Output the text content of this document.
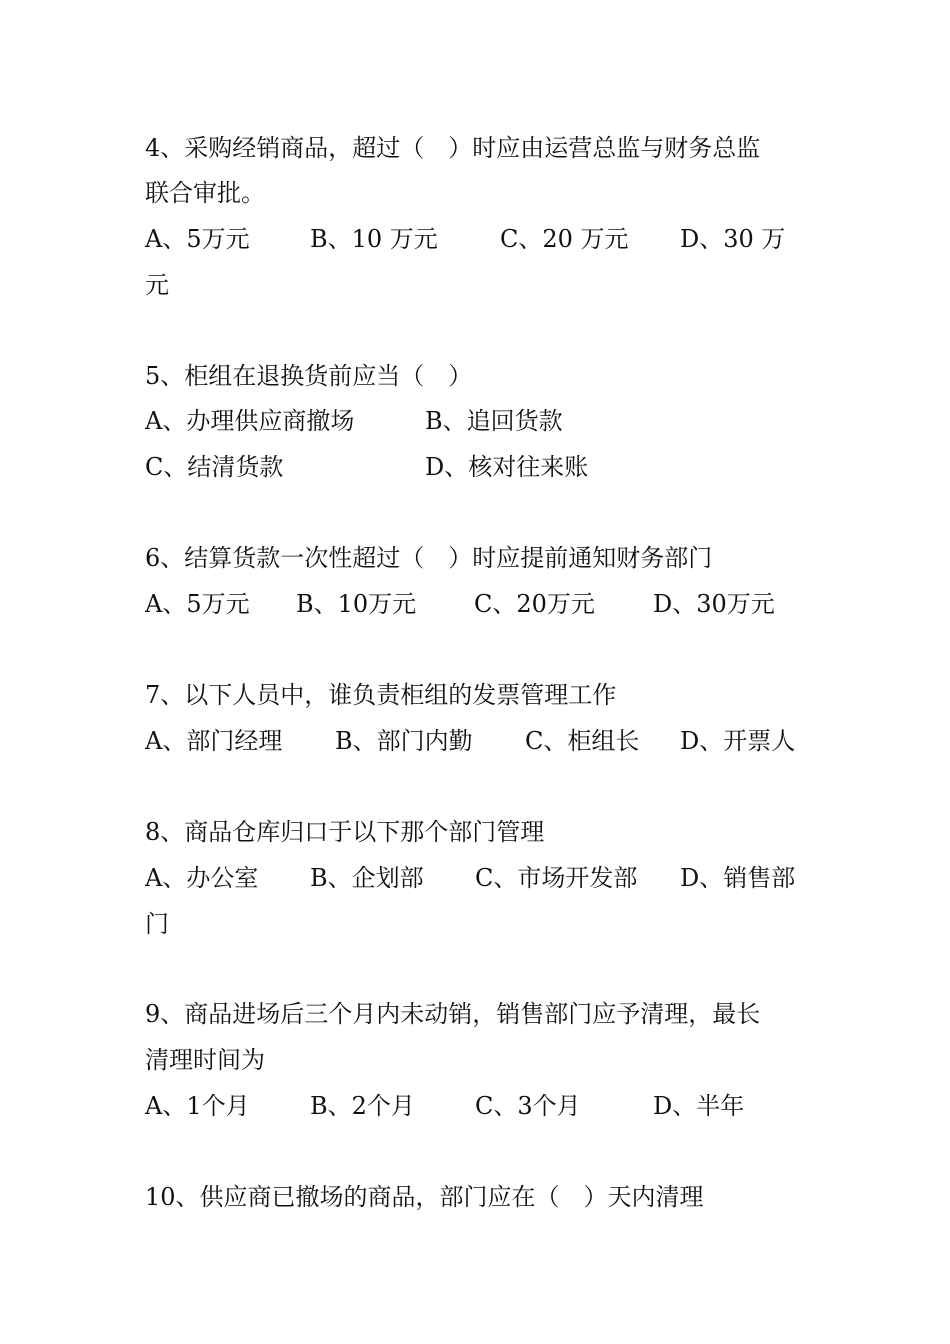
4、采购经销商品，超过（　）时应由运营总监与财务总监
联合审批。
A、5万元	B、10 万元	C、20 万元 D、30 万
元
5、柜组在退换货前应当（　）
A、办理供应商撤场	B、追回货款
C、结清货款	D、核对往来账
6、结算货款一次性超过（　）时应提前通知财务部门
A、5万元 B、10万元 C、20万元 D、30万元
7、以下人员中，谁负责柜组的发票管理工作
A、部门经理 B、部门内勤 C、柜组长 D、开票人
8、商品仓库归口于以下那个部门管理
A、办公室 B、企划部 C、市场开发部 D、销售部
门
9、商品进场后三个月内未动销，销售部门应予清理，最长
清理时间为
A、1个月	B、2个月	C、3个月	D、半年
10、供应商已撤场的商品，部门应在（　）天内清理
